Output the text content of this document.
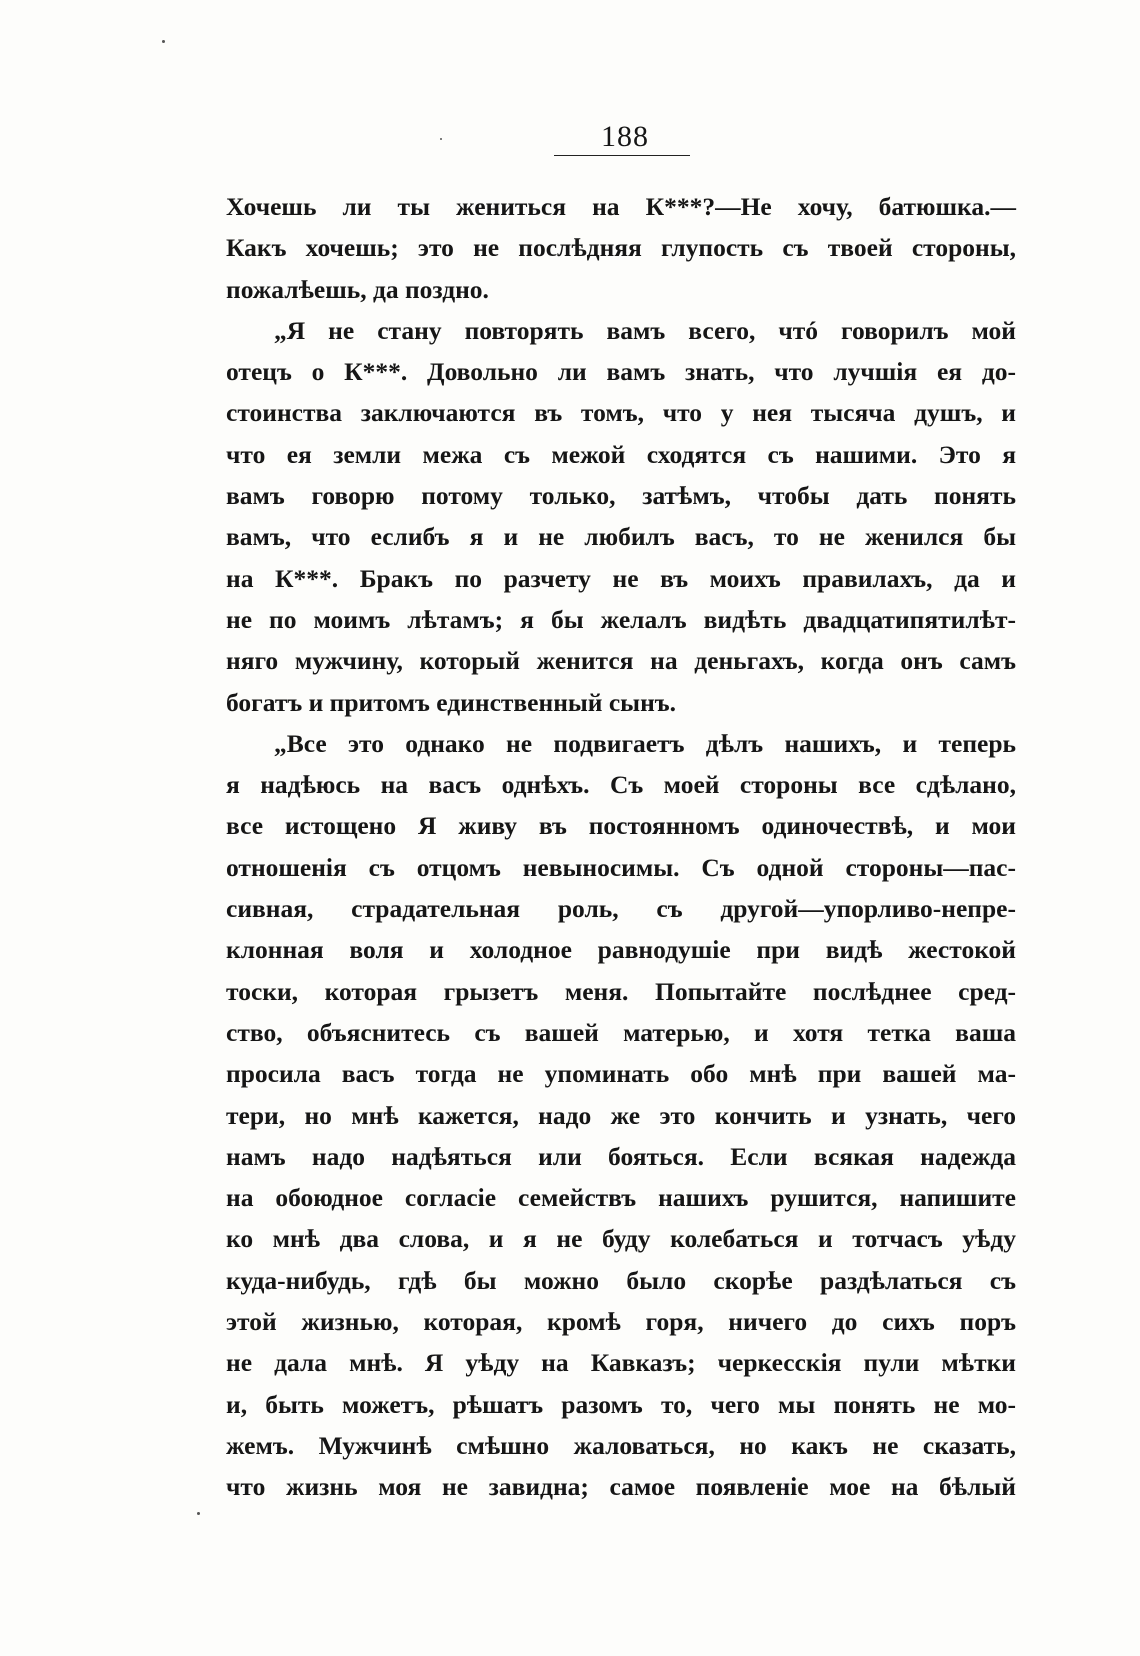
188
Хочешь ли ты жениться на К***?—Не хочу, батюшка.—
Какъ хочешь; это не послѣдняя глупость съ твоей стороны,
пожалѣешь, да поздно.
„Я не стану повторять вамъ всего, чтó говорилъ мой
отецъ о К***. Довольно ли вамъ знать, что лучшія ея до-
стоинства заключаются въ томъ, что у нея тысяча душъ, и
что ея земли межа съ межой сходятся съ нашими. Это я
вамъ говорю потому только, затѣмъ, чтобы дать понять
вамъ, что еслибъ я и не любилъ васъ, то не женился бы
на К***. Бракъ по разчету не въ моихъ правилахъ, да и
не по моимъ лѣтамъ; я бы желалъ видѣть двадцатипятилѣт-
няго мужчину, который женится на деньгахъ, когда онъ самъ
богатъ и притомъ единственный сынъ.
„Все это однако не подвигаетъ дѣлъ нашихъ, и теперь
я надѣюсь на васъ однѣхъ. Съ моей стороны все сдѣлано,
все истощено Я живу въ постоянномъ одиночествѣ, и мои
отношенія съ отцомъ невыносимы. Съ одной стороны—пас-
сивная, страдательная роль, съ другой—упорливо-непре-
клонная воля и холодное равнодушіе при видѣ жестокой
тоски, которая грызетъ меня. Попытайте послѣднее сред-
ство, объяснитесь съ вашей матерью, и хотя тетка ваша
просила васъ тогда не упоминать обо мнѣ при вашей ма-
тери, но мнѣ кажется, надо же это кончить и узнать, чего
намъ надо надѣяться или бояться. Если всякая надежда
на обоюдное согласіе семействъ нашихъ рушится, напишите
ко мнѣ два слова, и я не буду колебаться и тотчасъ уѣду
куда-нибудь, гдѣ бы можно было скорѣе раздѣлаться съ
этой жизнью, которая, кромѣ горя, ничего до сихъ поръ
не дала мнѣ. Я уѣду на Кавказъ; черкесскія пули мѣтки
и, быть можетъ, рѣшатъ разомъ то, чего мы понять не мо-
жемъ. Мужчинѣ смѣшно жаловаться, но какъ не сказать,
что жизнь моя не завидна; самое появленіе мое на бѣлый
